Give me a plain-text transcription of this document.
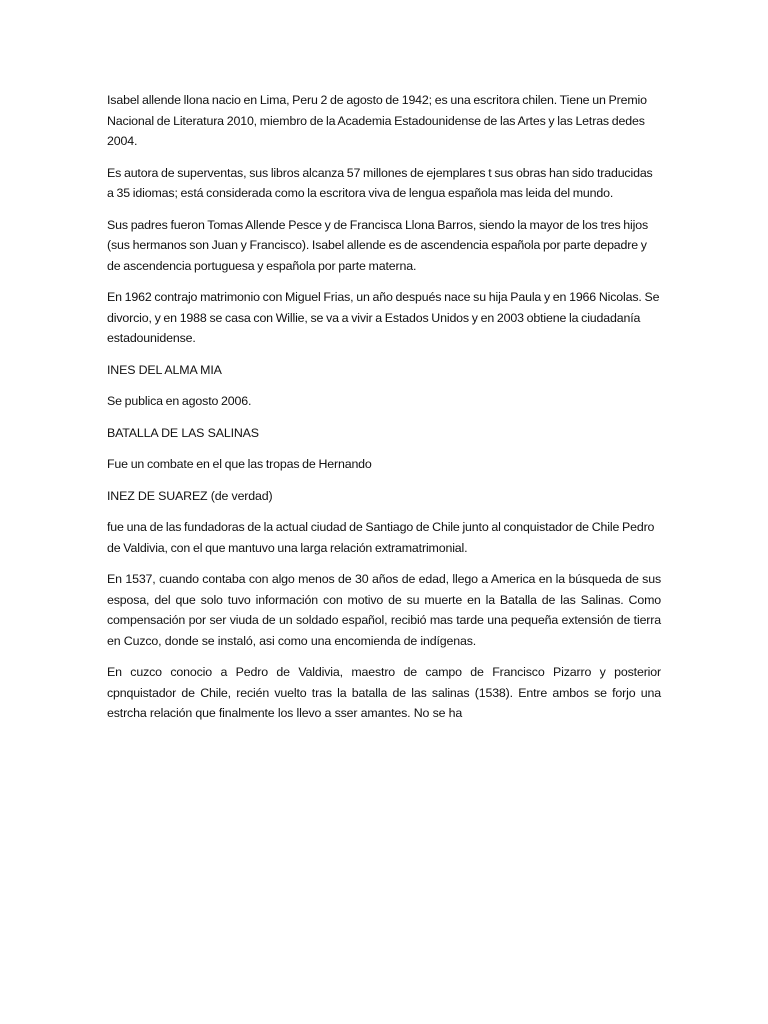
Isabel allende llona nacio en Lima, Peru 2 de agosto de 1942; es una escritora chilen. Tiene un Premio Nacional de Literatura 2010, miembro de la Academia Estadounidense de las Artes y las Letras dedes 2004.

Es autora de superventas, sus libros alcanza 57 millones de ejemplares t sus obras han sido traducidas a 35 idiomas; está considerada como la escritora viva de lengua española mas leida del mundo.

Sus padres fueron Tomas Allende Pesce y de Francisca Llona Barros, siendo la mayor de los tres hijos (sus hermanos son Juan y Francisco). Isabel allende es de ascendencia española por parte depadre y de ascendencia portuguesa y española por parte materna.

En 1962 contrajo matrimonio con Miguel Frias, un año después nace su hija Paula y en 1966 Nicolas. Se divorcio, y en 1988 se casa con Willie, se va a vivir a Estados Unidos y en 2003 obtiene la ciudadanía estadounidense.

INES DEL ALMA MIA

Se publica en agosto 2006.

BATALLA DE LAS SALINAS

Fue un combate en el que las tropas de Hernando

INEZ DE SUAREZ (de verdad)

fue una de las fundadoras de la actual ciudad de Santiago de Chile junto al conquistador de Chile Pedro de Valdivia, con el que mantuvo una larga relación extramatrimonial.

En 1537, cuando contaba con algo menos de 30 años de edad, llego a America en la búsqueda de sus esposa, del que solo tuvo información con motivo de su muerte en la Batalla de las Salinas. Como compensación por ser viuda de un soldado español, recibió mas tarde una pequeña extensión de tierra en Cuzco, donde se instaló, asi como una encomienda de indígenas.

En cuzco conocio a Pedro de Valdivia, maestro de campo de Francisco Pizarro y posterior cpnquistador de Chile, recién vuelto tras la batalla de las salinas (1538). Entre ambos se forjo una estrcha relación que finalmente los llevo a sser amantes. No se ha
